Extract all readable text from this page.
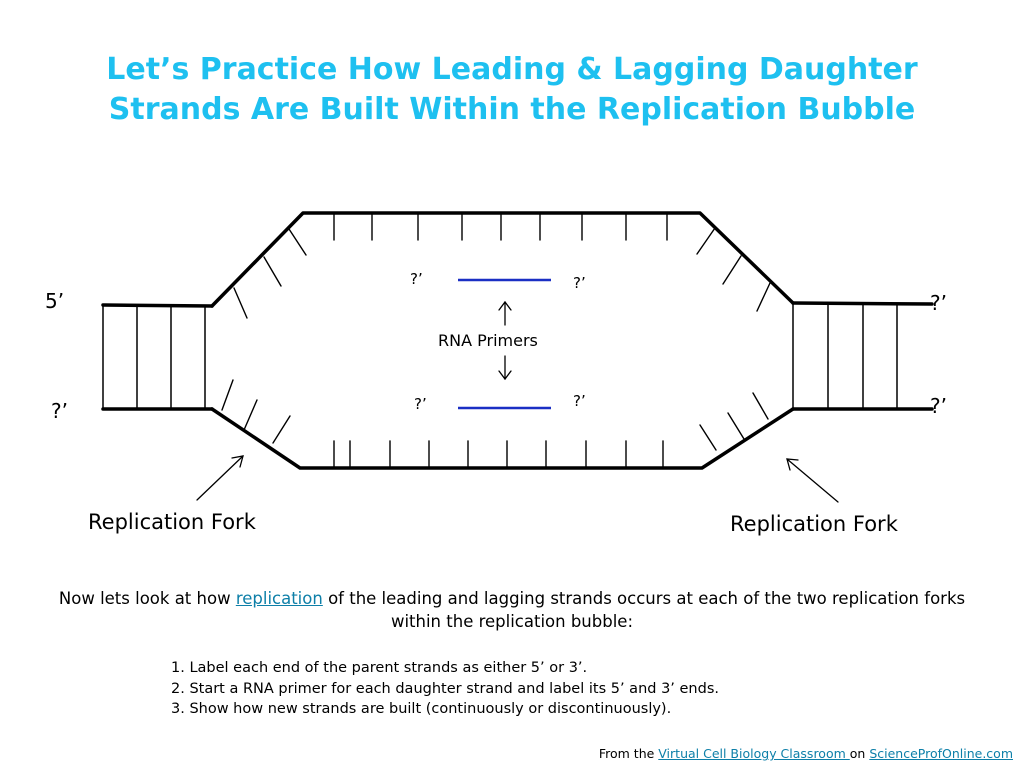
Let’s Practice How Leading & Lagging Daughter
Strands Are Built Within the Replication Bubble
5’
?’
?’
?’
?’	?’
?’	?’
RNA Primers
Replication Fork	Replication Fork
Now lets look at how replication of the leading and lagging strands occurs at each of the two replication forks within the replication bubble:
1. Label each end of the parent strands as either 5’ or 3’.
2. Start a RNA primer for each daughter strand and label its 5’ and 3’ ends.
3. Show how new strands are built (continuously or discontinuously).
From the Virtual Cell Biology Classroom on ScienceProfOnline.com
